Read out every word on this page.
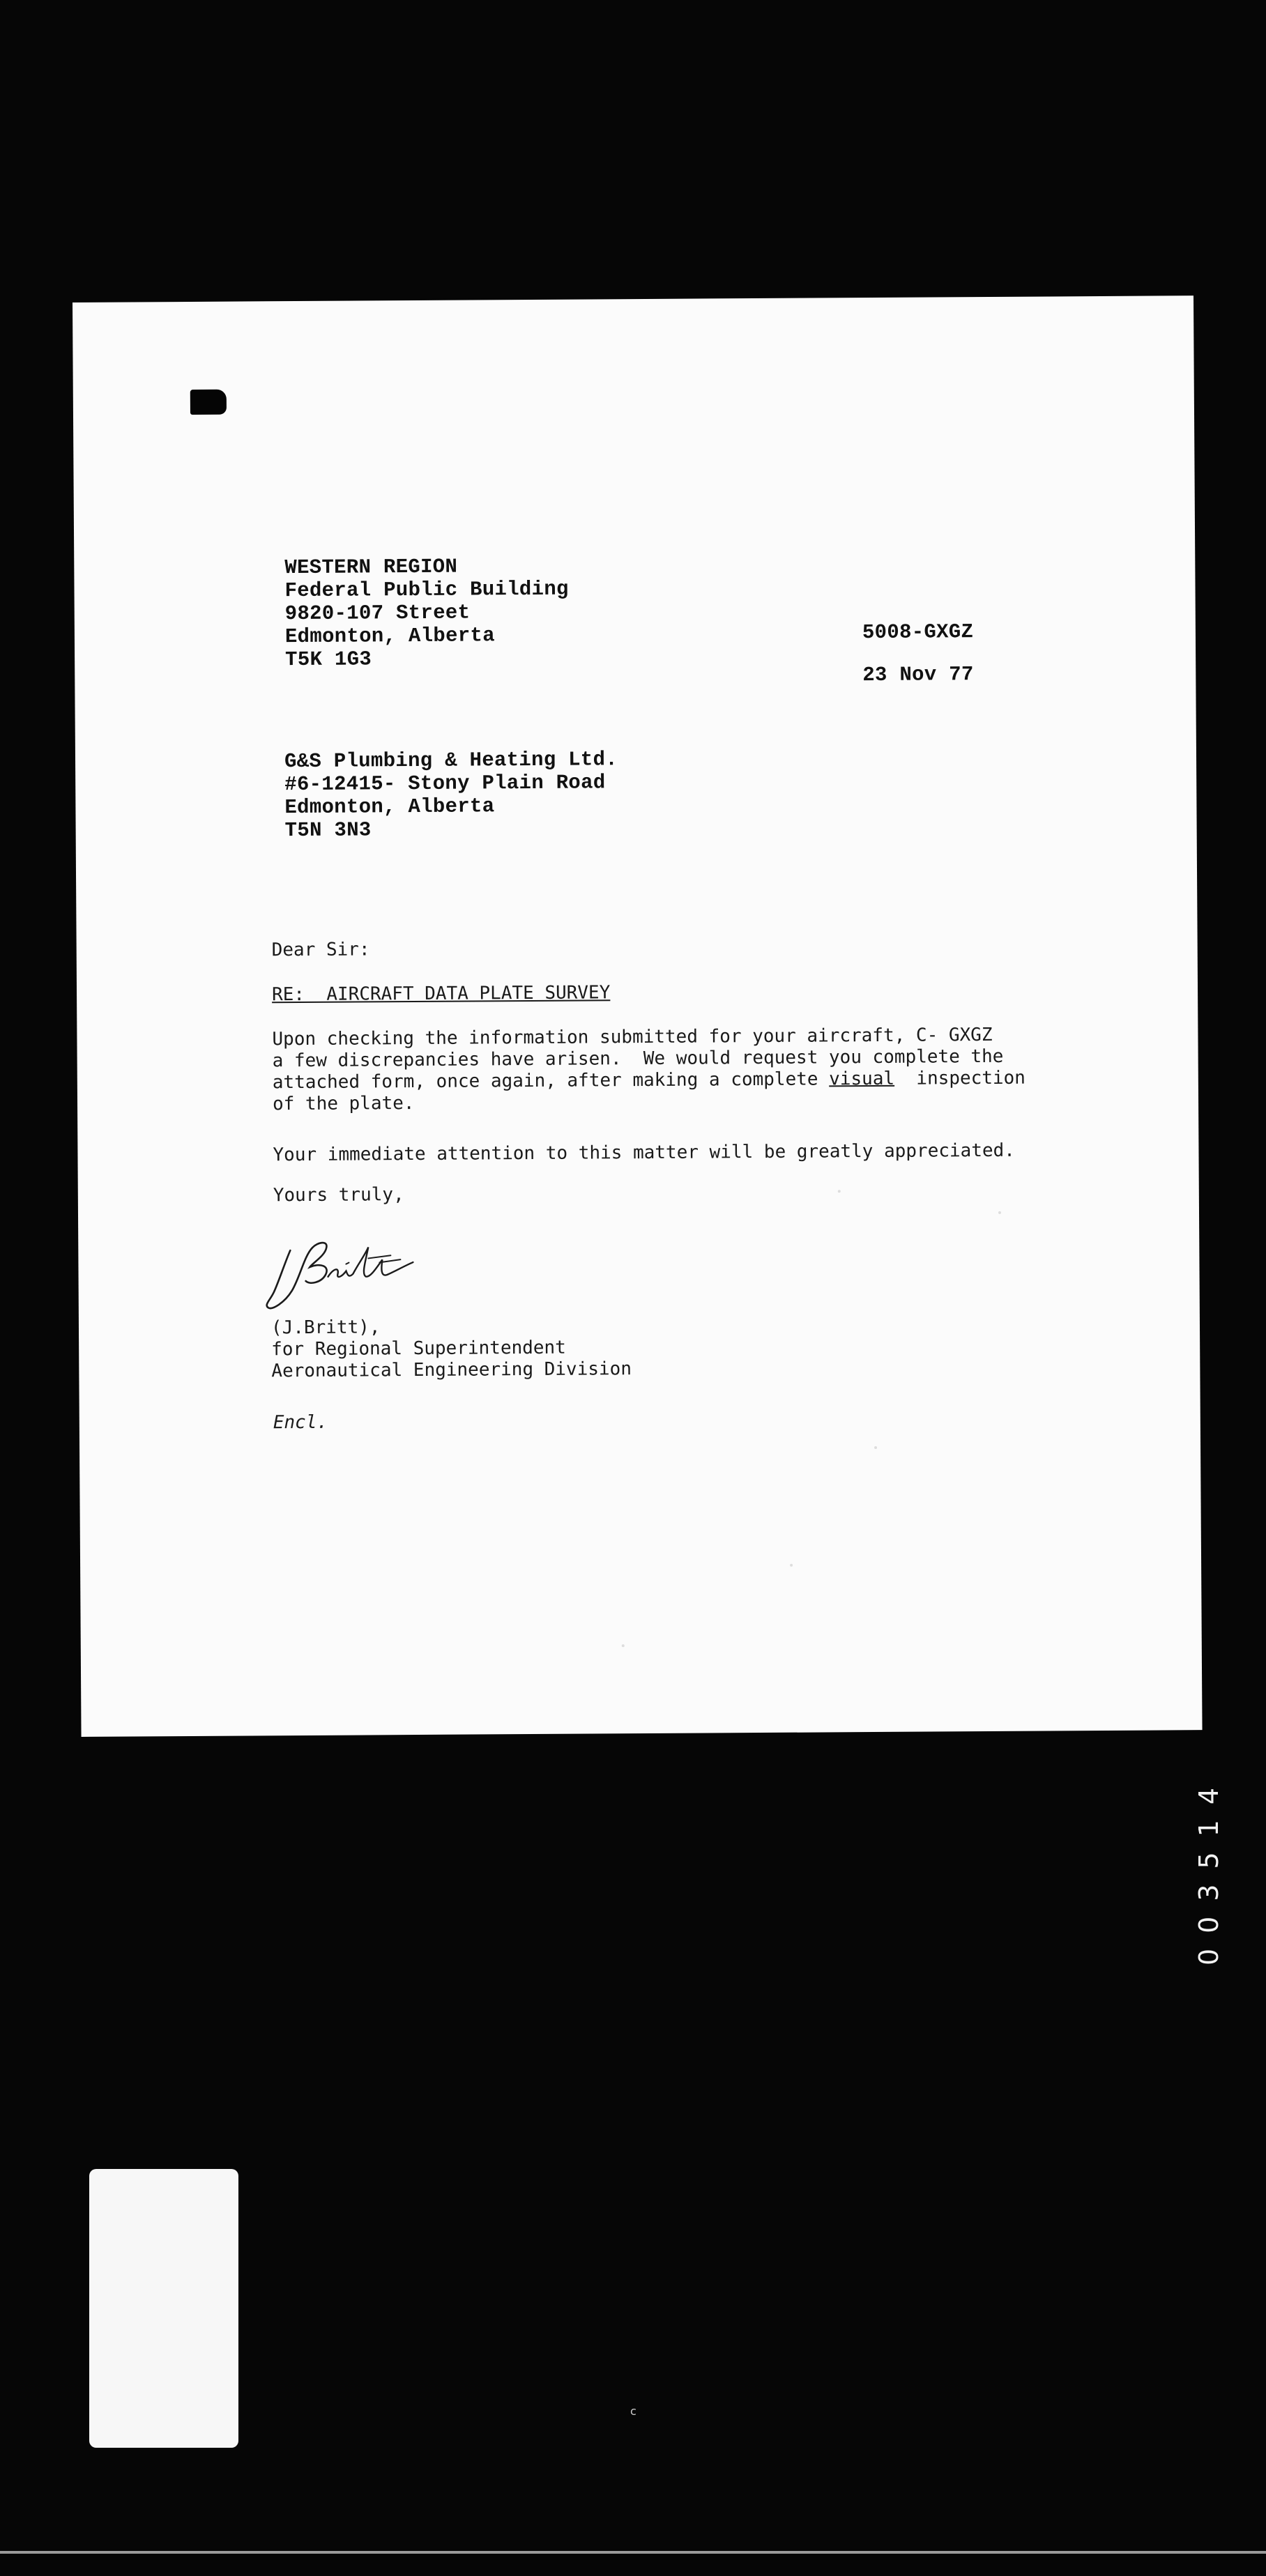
WESTERN REGION
Federal Public Building
9820-107 Street
Edmonton, Alberta
T5K 1G3
5008-GXGZ
23 Nov 77
G&S Plumbing & Heating Ltd.
#6-12415- Stony Plain Road
Edmonton, Alberta
T5N 3N3
Dear Sir:
RE:  AIRCRAFT DATA PLATE SURVEY
Upon checking the information submitted for your aircraft, C- GXGZ
a few discrepancies have arisen.  We would request you complete the
attached form, once again, after making a complete visual  inspection
of the plate.
Your immediate attention to this matter will be greatly appreciated.
Yours truly,
(J.Britt),
for Regional Superintendent
Aeronautical Engineering Division
Encl.
003514
c
